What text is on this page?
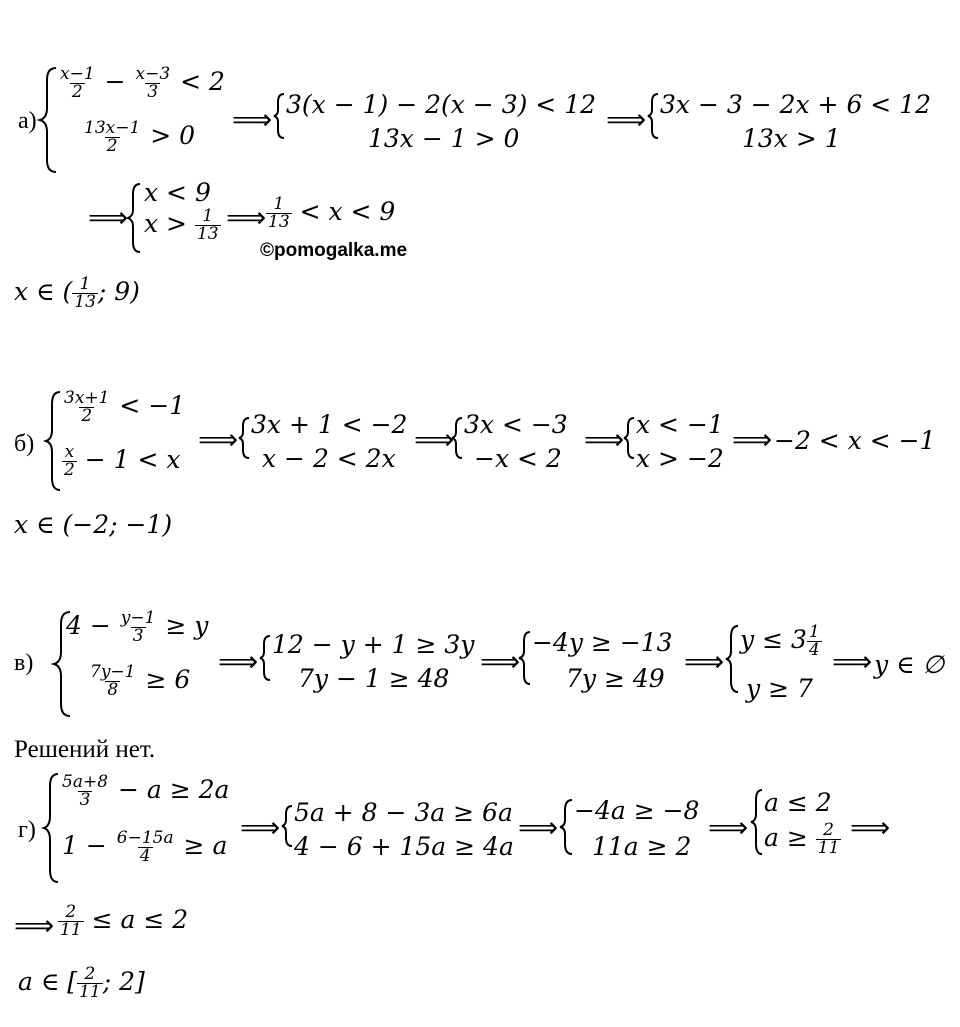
а)
$\frac{x-1}{2} - \frac{x-3}{3} < 2$
$\frac{13x-1}{2} > 0$ ⟹ 3(x − 1) − 2(x − 3) < 12
13x − 1 > 0
⟹ 3x − 3 − 2x + 6 < 12
13x > 1
⟹
x < 9
$x > \frac{1}{13}$ ⟹ $\frac{1}{13} < x < 9$
©pomogalka.me
x ∈ ( $\frac{1}{13}$ ; 9)
б)
$\frac{3x+1}{2} < -1$
$\frac{x}{2} - 1 < x$
⟹ 3x + 1 < −2
x − 2 < 2x
⟹ 3x < −3
−x < 2
⟹ x < −1
x > −2
⟹ −2 < x < −1
x ∈ (−2; −1)
в)
$4 - \frac{y-1}{3} \ge y$
$\frac{7y-1}{8} \ge 6$
⟹
12 − y + 1 ≥ 3y
7y − 1 ≥ 48
⟹
−4y ≥ −13
7y ≥ 49
⟹
$y \le 3 \frac{1}{4}$
y ≥ 7
⟹ y ∈ ∅
Решений нет.
г)
$\frac{5a+8}{3} - a \ge 2a$
$1 - \frac{6-15a}{4} \ge a$
⟹ 5a + 8 − 3a ≥ 6a
4 − 6 + 15a ≥ 4a
⟹
−4a ≥ −8
11a ≥ 2
⟹
a ≤ 2
$a \ge \frac{2}{11}$ ⟹
⟹ $\frac{2}{11} \le a \le 2$
a ∈ [ $\frac{2}{11}$ ; 2]
